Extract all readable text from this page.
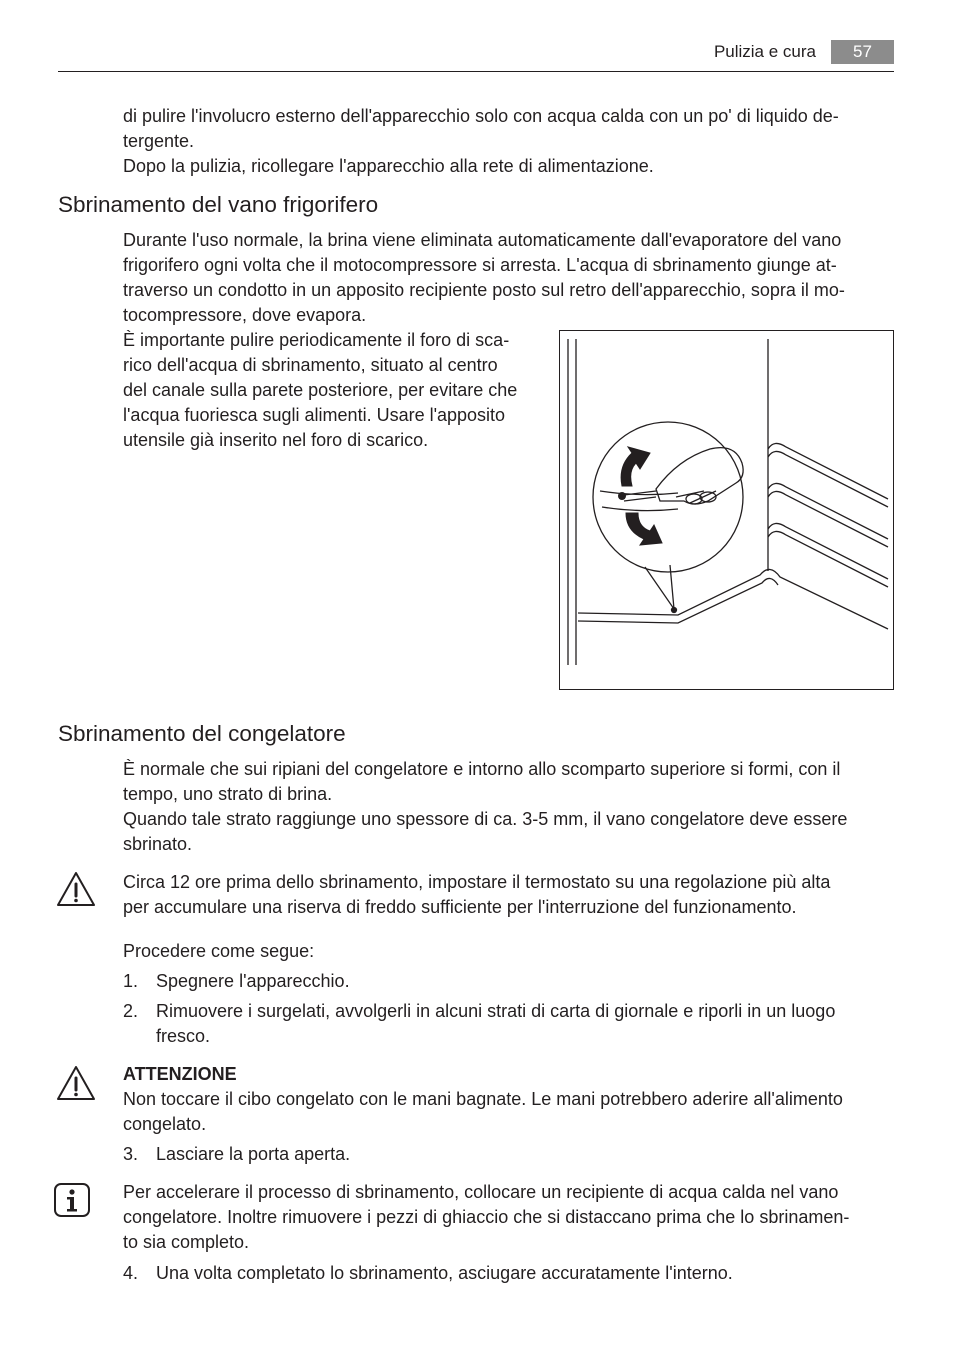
Pulizia e cura	57
di pulire l'involucro esterno dell'apparecchio solo con acqua calda con un po' di liquido de-
tergente.
Dopo la pulizia, ricollegare l'apparecchio alla rete di alimentazione.
Sbrinamento del vano frigorifero
Durante l'uso normale, la brina viene eliminata automaticamente dall'evaporatore del vano
frigorifero ogni volta che il motocompressore si arresta. L'acqua di sbrinamento giunge at-
traverso un condotto in un apposito recipiente posto sul retro dell'apparecchio, sopra il mo-
tocompressore, dove evapora.
È importante pulire periodicamente il foro di sca-
rico dell'acqua di sbrinamento, situato al centro
del canale sulla parete posteriore, per evitare che
l'acqua fuoriesca sugli alimenti. Usare l'apposito
utensile già inserito nel foro di scarico.
Sbrinamento del congelatore
È normale che sui ripiani del congelatore e intorno allo scomparto superiore si formi, con il
tempo, uno strato di brina.
Quando tale strato raggiunge uno spessore di ca. 3-5 mm, il vano congelatore deve essere
sbrinato.
Circa 12 ore prima dello sbrinamento, impostare il termostato su una regolazione più alta
per accumulare una riserva di freddo sufficiente per l'interruzione del funzionamento.
Procedere come segue:
1. Spegnere l'apparecchio.
2. Rimuovere i surgelati, avvolgerli in alcuni strati di carta di giornale e riporli in un luogo
fresco.
ATTENZIONE
Non toccare il cibo congelato con le mani bagnate. Le mani potrebbero aderire all'alimento
congelato.
3. Lasciare la porta aperta.
Per accelerare il processo di sbrinamento, collocare un recipiente di acqua calda nel vano
congelatore. Inoltre rimuovere i pezzi di ghiaccio che si distaccano prima che lo sbrinamen-
to sia completo.
4. Una volta completato lo sbrinamento, asciugare accuratamente l'interno.
